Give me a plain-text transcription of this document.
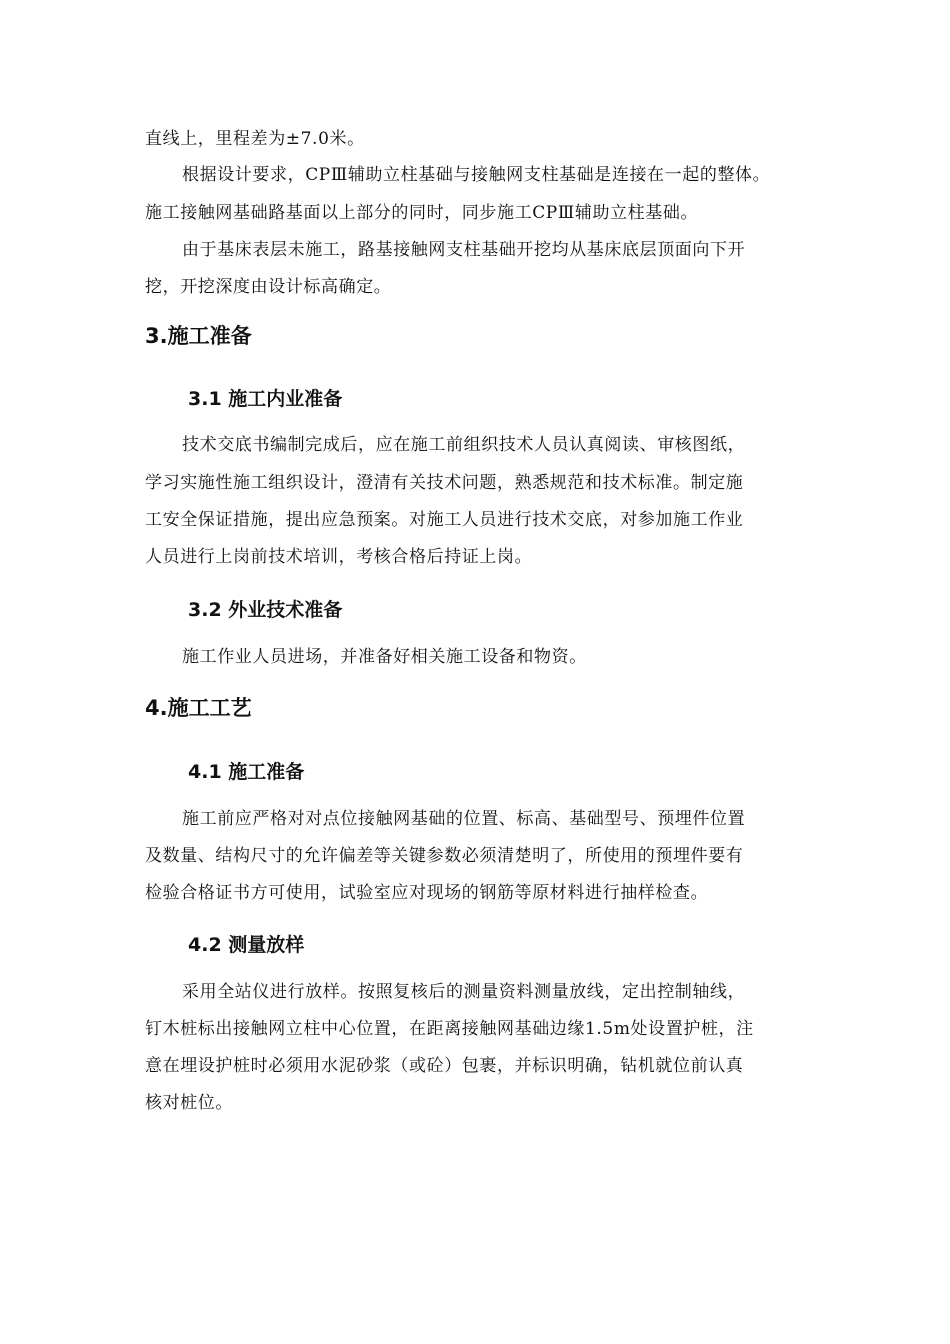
直线上，里程差为±7.0米。
根据设计要求，CPⅢ辅助立柱基础与接触网支柱基础是连接在一起的整体。
施工接触网基础路基面以上部分的同时，同步施工CPⅢ辅助立柱基础。
由于基床表层未施工，路基接触网支柱基础开挖均从基床底层顶面向下开
挖，开挖深度由设计标高确定。
3.施工准备
3.1 施工内业准备
技术交底书编制完成后，应在施工前组织技术人员认真阅读、审核图纸，
学习实施性施工组织设计，澄清有关技术问题，熟悉规范和技术标准。制定施
工安全保证措施，提出应急预案。对施工人员进行技术交底，对参加施工作业
人员进行上岗前技术培训，考核合格后持证上岗。
3.2 外业技术准备
施工作业人员进场，并准备好相关施工设备和物资。
4.施工工艺
4.1 施工准备
施工前应严格对对点位接触网基础的位置、标高、基础型号、预埋件位置
及数量、结构尺寸的允许偏差等关键参数必须清楚明了，所使用的预埋件要有
检验合格证书方可使用，试验室应对现场的钢筋等原材料进行抽样检查。
4.2 测量放样
采用全站仪进行放样。按照复核后的测量资料测量放线，定出控制轴线，
钉木桩标出接触网立柱中心位置，在距离接触网基础边缘1.5m处设置护桩，注
意在埋设护桩时必须用水泥砂浆（或砼）包裹，并标识明确，钻机就位前认真
核对桩位。
